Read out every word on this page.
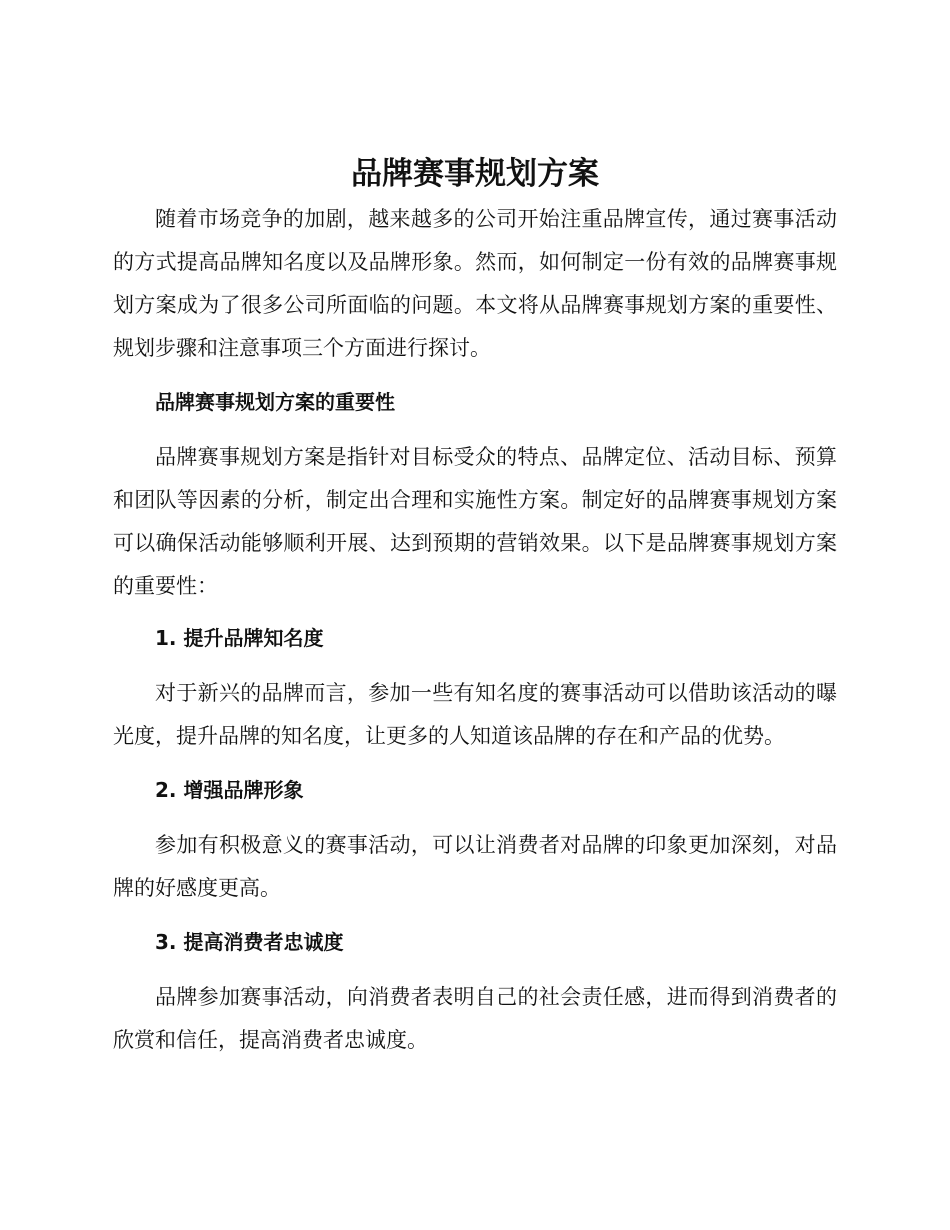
品牌赛事规划方案

随着市场竞争的加剧，越来越多的公司开始注重品牌宣传，通过赛事活动的方式提高品牌知名度以及品牌形象。然而，如何制定一份有效的品牌赛事规划方案成为了很多公司所面临的问题。本文将从品牌赛事规划方案的重要性、规划步骤和注意事项三个方面进行探讨。

品牌赛事规划方案的重要性

品牌赛事规划方案是指针对目标受众的特点、品牌定位、活动目标、预算和团队等因素的分析，制定出合理和实施性方案。制定好的品牌赛事规划方案可以确保活动能够顺利开展、达到预期的营销效果。以下是品牌赛事规划方案的重要性：

1. 提升品牌知名度

对于新兴的品牌而言，参加一些有知名度的赛事活动可以借助该活动的曝光度，提升品牌的知名度，让更多的人知道该品牌的存在和产品的优势。

2. 增强品牌形象

参加有积极意义的赛事活动，可以让消费者对品牌的印象更加深刻，对品牌的好感度更高。

3. 提高消费者忠诚度

品牌参加赛事活动，向消费者表明自己的社会责任感，进而得到消费者的欣赏和信任，提高消费者忠诚度。
